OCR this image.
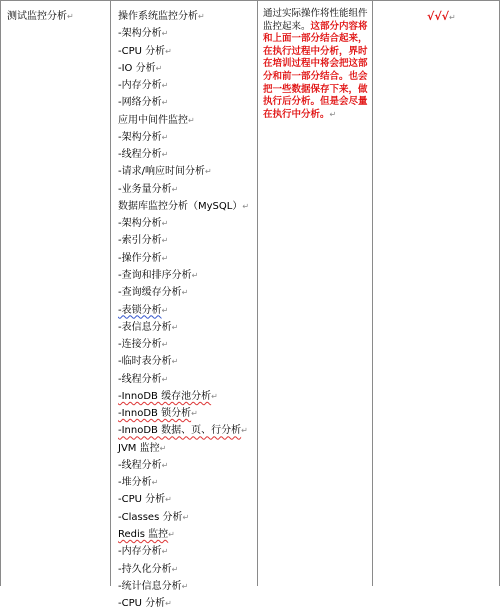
测试监控分析↵	操作系统监控分析↵
-架构分析↵
-CPU 分析↵
-IO 分析↵
-内存分析↵
-网络分析↵
应用中间件监控↵
-架构分析↵
-线程分析↵
-请求/响应时间分析↵
-业务量分析↵
数据库监控分析（MySQL）↵
-架构分析↵
-索引分析↵
-操作分析↵
-查询和排序分析↵
-查询缓存分析↵
-表锁分析↵
-表信息分析↵
-连接分析↵
-临时表分析↵
-线程分析↵
-InnoDB 缓存池分析↵
-InnoDB 锁分析↵
-InnoDB 数据、页、行分析↵
JVM 监控↵
-线程分析↵
-堆分析↵
-CPU 分析↵
-Classes 分析↵
Redis 监控↵
-内存分析↵
-持久化分析↵
-统计信息分析↵
-CPU 分析↵

通过实际操作将性能组件监控起来。这部分内容将和上面一部分结合起来，在执行过程中分析，界时在培训过程中将会把这部分和前一部分结合。也会把一些数据保存下来，做执行后分析。但是会尽量在执行中分析。↵

√√√↵
